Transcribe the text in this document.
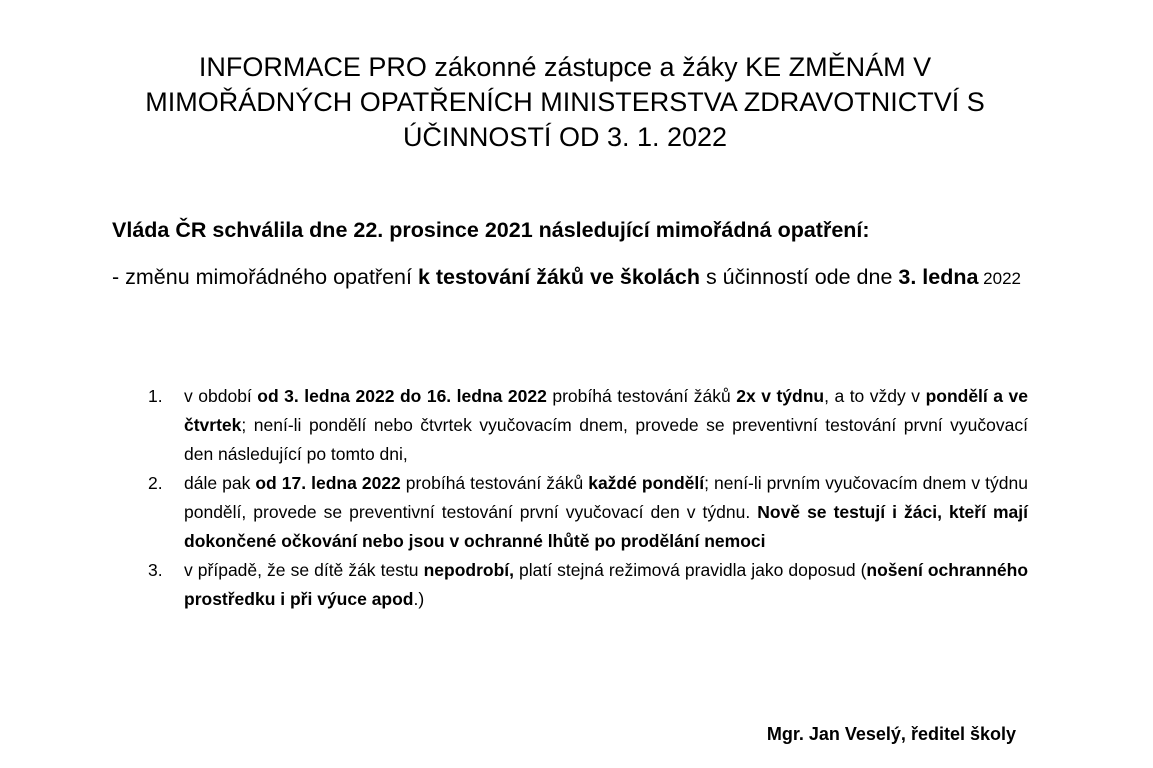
INFORMACE PRO zákonné zástupce a žáky KE ZMĚNÁM V MIMOŘÁDNÝCH OPATŘENÍCH MINISTERSTVA ZDRAVOTNICTVÍ S ÚČINNOSTÍ OD 3. 1. 2022

Vláda ČR schválila dne 22. prosince 2021 následující mimořádná opatření:

- změnu mimořádného opatření k testování žáků ve školách s účinností ode dne 3. ledna 2022

1. v období od 3. ledna 2022 do 16. ledna 2022 probíhá testování žáků 2x v týdnu, a to vždy v pondělí a ve čtvrtek; není-li pondělí nebo čtvrtek vyučovacím dnem, provede se preventivní testování první vyučovací den následující po tomto dni,
2. dále pak od 17. ledna 2022 probíhá testování žáků každé pondělí; není-li prvním vyučovacím dnem v týdnu pondělí, provede se preventivní testování první vyučovací den v týdnu. Nově se testují i žáci, kteří mají dokončené očkování nebo jsou v ochranné lhůtě po prodělání nemoci
3. v případě, že se dítě žák testu nepodrobí, platí stejná režimová pravidla jako doposud (nošení ochranného prostředku i při výuce apod.)

Mgr. Jan Veselý, ředitel školy
